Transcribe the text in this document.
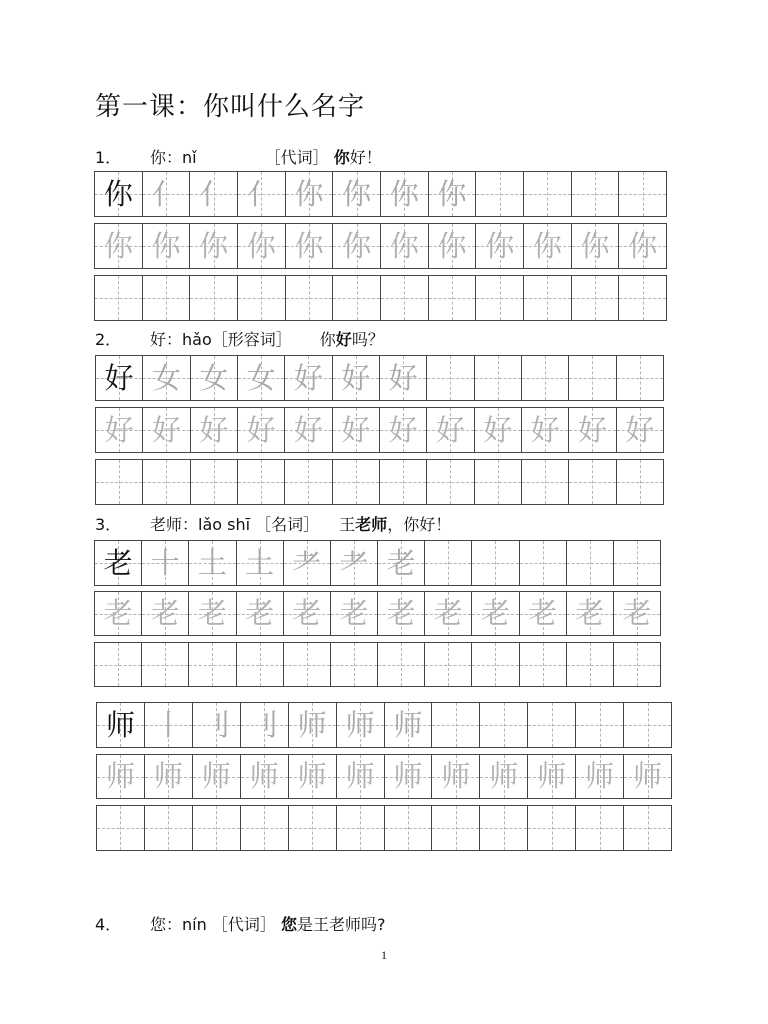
第一课：你叫什么名字
1． 你：nǐ	［代词］ 你好！
你 亻 亻 亻 你 你 你 你
你 你 你 你 你 你 你 你 你 你 你 你
2． 好：hǎo［形容词］ 你好吗？
好 女 女 女 好 好 好
好 好 好 好 好 好 好 好 好 好 好 好
3． 老师：lǎo shī ［名词］ 王老师，你好！
老 十 土 土 耂 耂 老
老 老 老 老 老 老 老 老 老 老 老 老
师 丨 刂 刂 师 师 师
师 师 师 师 师 师 师 师 师 师 师 师
4． 您：nín ［代词］ 您是王老师吗?
1
